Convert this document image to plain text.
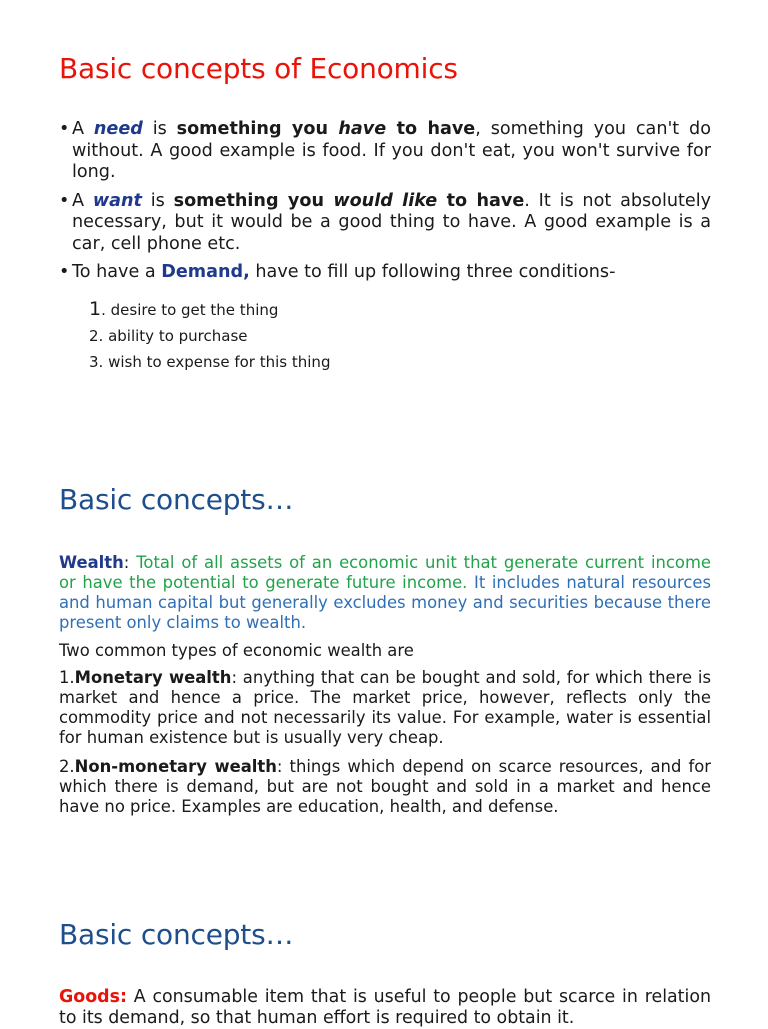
Basic concepts of Economics
• A need is something you have to have, something you can't do without. A good example is food. If you don't eat, you won't survive for long.
• A want is something you would like to have. It is not absolutely necessary, but it would be a good thing to have. A good example is a car, cell phone etc.
• To have a Demand, have to fill up following three conditions-
1. desire to get the thing
2. ability to purchase
3. wish to expense for this thing
Basic concepts…

Wealth: Total of all assets of an economic unit that generate current income or have the potential to generate future income. It includes natural resources and human capital but generally excludes money and securities because there present only claims to wealth.

Two common types of economic wealth are

1.Monetary wealth: anything that can be bought and sold, for which there is market and hence a price. The market price, however, reflects only the commodity price and not necessarily its value. For example, water is essential for human existence but is usually very cheap.

2.Non-monetary wealth: things which depend on scarce resources, and for which there is demand, but are not bought and sold in a market and hence have no price. Examples are education, health, and defense.

Basic concepts…

Goods: A consumable item that is useful to people but scarce in relation to its demand, so that human effort is required to obtain it.
